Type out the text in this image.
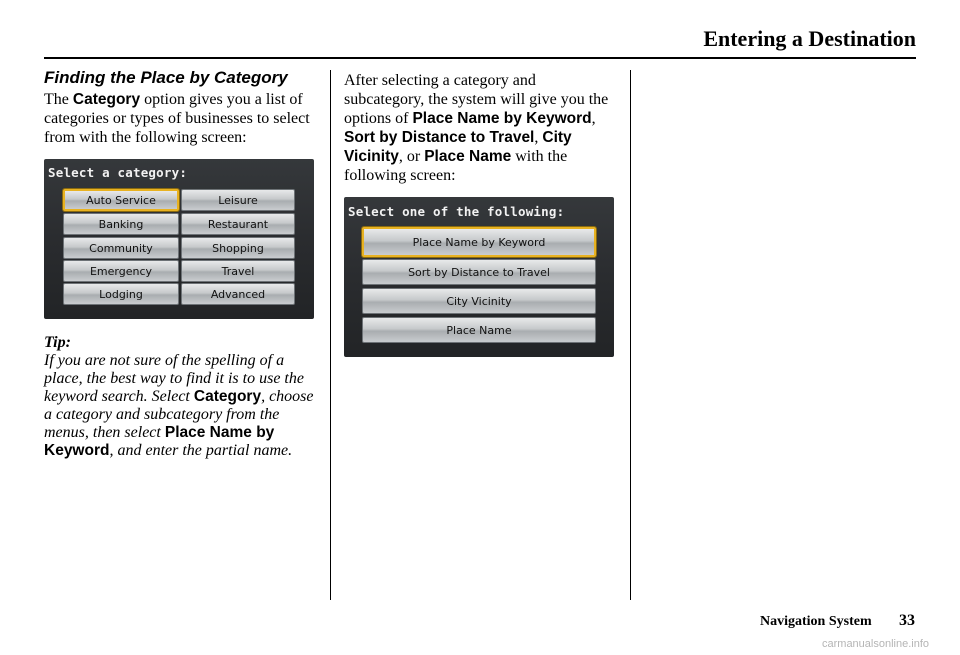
Entering a Destination
Finding the Place by Category
The Category option gives you a list of categories or types of businesses to select from with the following screen:
Select a category:
Auto Service	Leisure
Banking	Restaurant
Community	Shopping
Emergency	Travel
Lodging	Advanced
Tip:
If you are not sure of the spelling of a place, the best way to find it is to use the keyword search. Select Category, choose a category and subcategory from the menus, then select Place Name by Keyword, and enter the partial name.
After selecting a category and subcategory, the system will give you the options of Place Name by Keyword, Sort by Distance to Travel, City Vicinity, or Place Name with the following screen:
Select one of the following:
Place Name by Keyword
Sort by Distance to Travel
City Vicinity
Place Name
Navigation System 33
carmanualsonline.info
